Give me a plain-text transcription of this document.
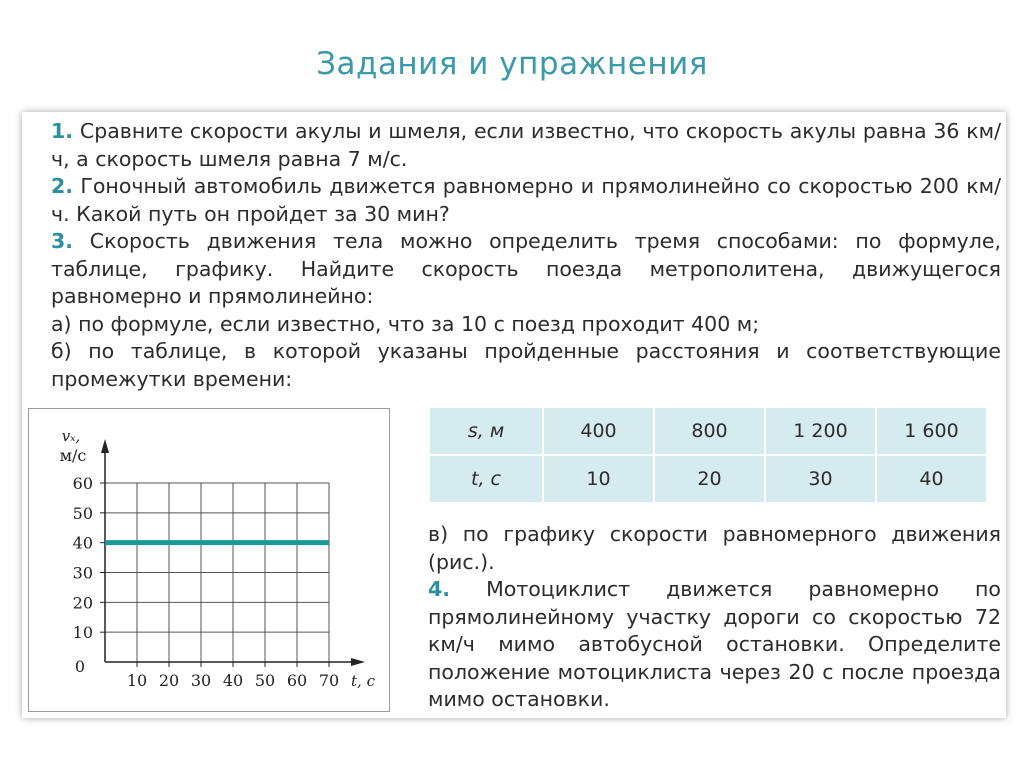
Задания и упражнения

1. Сравните скорости акулы и шмеля, если известно, что скорость акулы равна 36 км/ч, а скорость шмеля равна 7 м/с.

2. Гоночный автомобиль движется равномерно и прямолинейно со скоростью 200 км/ч. Какой путь он пройдет за 30 мин?

3. Скорость движения тела можно определить тремя способами: по формуле, таблице, графику. Найдите скорость поезда метрополитена, движущегося равномерно и прямолинейно:

а) по формуле, если известно, что за 10 с поезд проходит 400 м;

б) по таблице, в которой указаны пройденные расстояния и соответствующие промежутки времени:

10
20
30
40
50
60
10 20 30 40 50 60 70
0
vₓ,
м/с
t, с
s, м	400	800	1 200	1 600
t, с	10	20	30	40

в) по графику скорости равномерного движения (рис.).

4. Мотоциклист движется равномерно по прямолинейному участку дороги со скоростью 72 км/ч мимо автобусной остановки. Определите положение мотоциклиста через 20 с после проезда мимо остановки.
